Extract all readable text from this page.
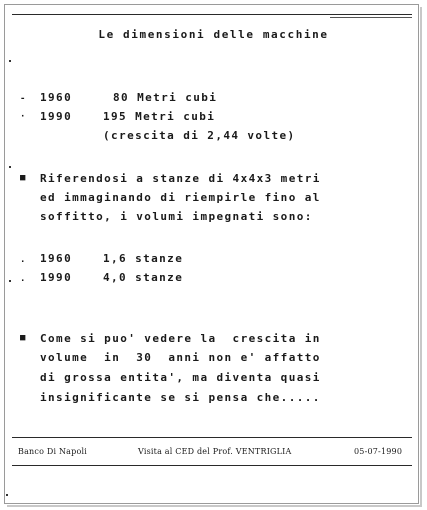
Le dimensioni delle macchine
- 1960	80 Metri cubi
· 1990	195 Metri cubi
(crescita di 2,44 volte)
■ Riferendosi a stanze di 4x4x3 metri
ed immaginando di riempirle fino al
soffitto, i volumi impegnati sono:
. 1960	1,6 stanze
. 1990	4,0 stanze
■ Come si puo' vedere la  crescita in
volume  in  30  anni non e' affatto
di grossa entita', ma diventa quasi
insignificante se si pensa che.....
Banco Di Napoli	Visita al CED del Prof. VENTRIGLIA	05-07-1990
